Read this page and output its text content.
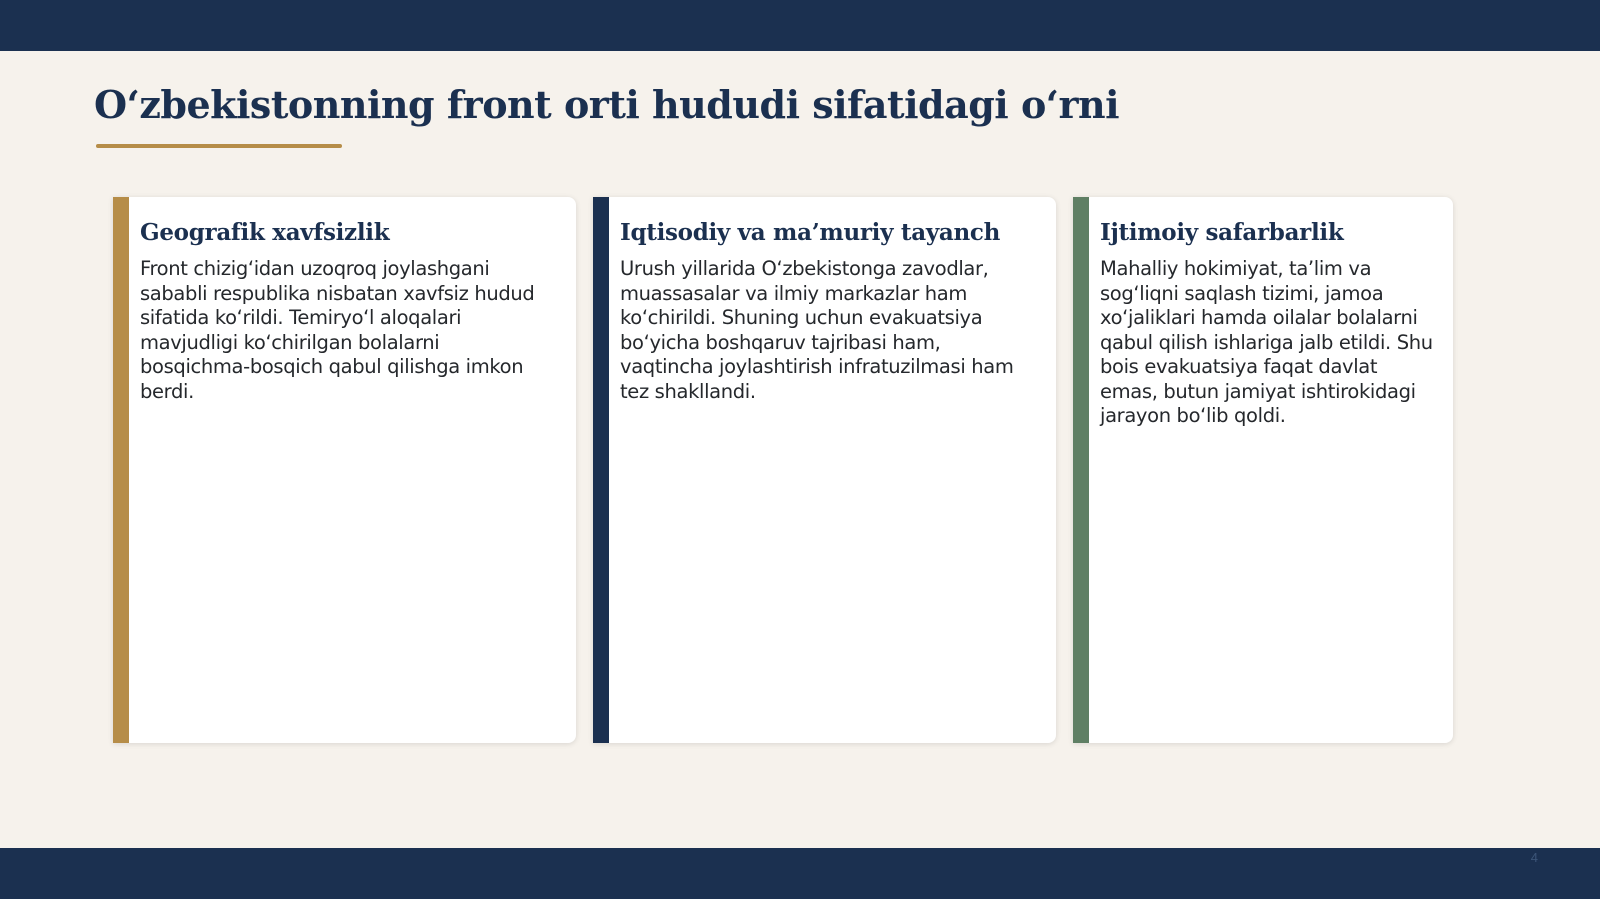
O‘zbekistonning front orti hududi sifatidagi o‘rni
Geografik xavfsizlik

Front chizig‘idan uzoqroq joylashgani sababli respublika nisbatan xavfsiz hudud sifatida ko‘rildi. Temiryo‘l aloqalari mavjudligi ko‘chirilgan bolalarni bosqichma-bosqich qabul qilishga imkon berdi.

Iqtisodiy va ma’muriy tayanch

Urush yillarida O‘zbekistonga zavodlar, muassasalar va ilmiy markazlar ham ko‘chirildi. Shuning uchun evakuatsiya bo‘yicha boshqaruv tajribasi ham, vaqtincha joylashtirish infratuzilmasi ham tez shakllandi.

Ijtimoiy safarbarlik

Mahalliy hokimiyat, ta’lim va sog‘liqni saqlash tizimi, jamoa xo‘jaliklari hamda oilalar bolalarni qabul qilish ishlariga jalb etildi. Shu bois evakuatsiya faqat davlat emas, butun jamiyat ishtirokidagi jarayon bo‘lib qoldi.

4
